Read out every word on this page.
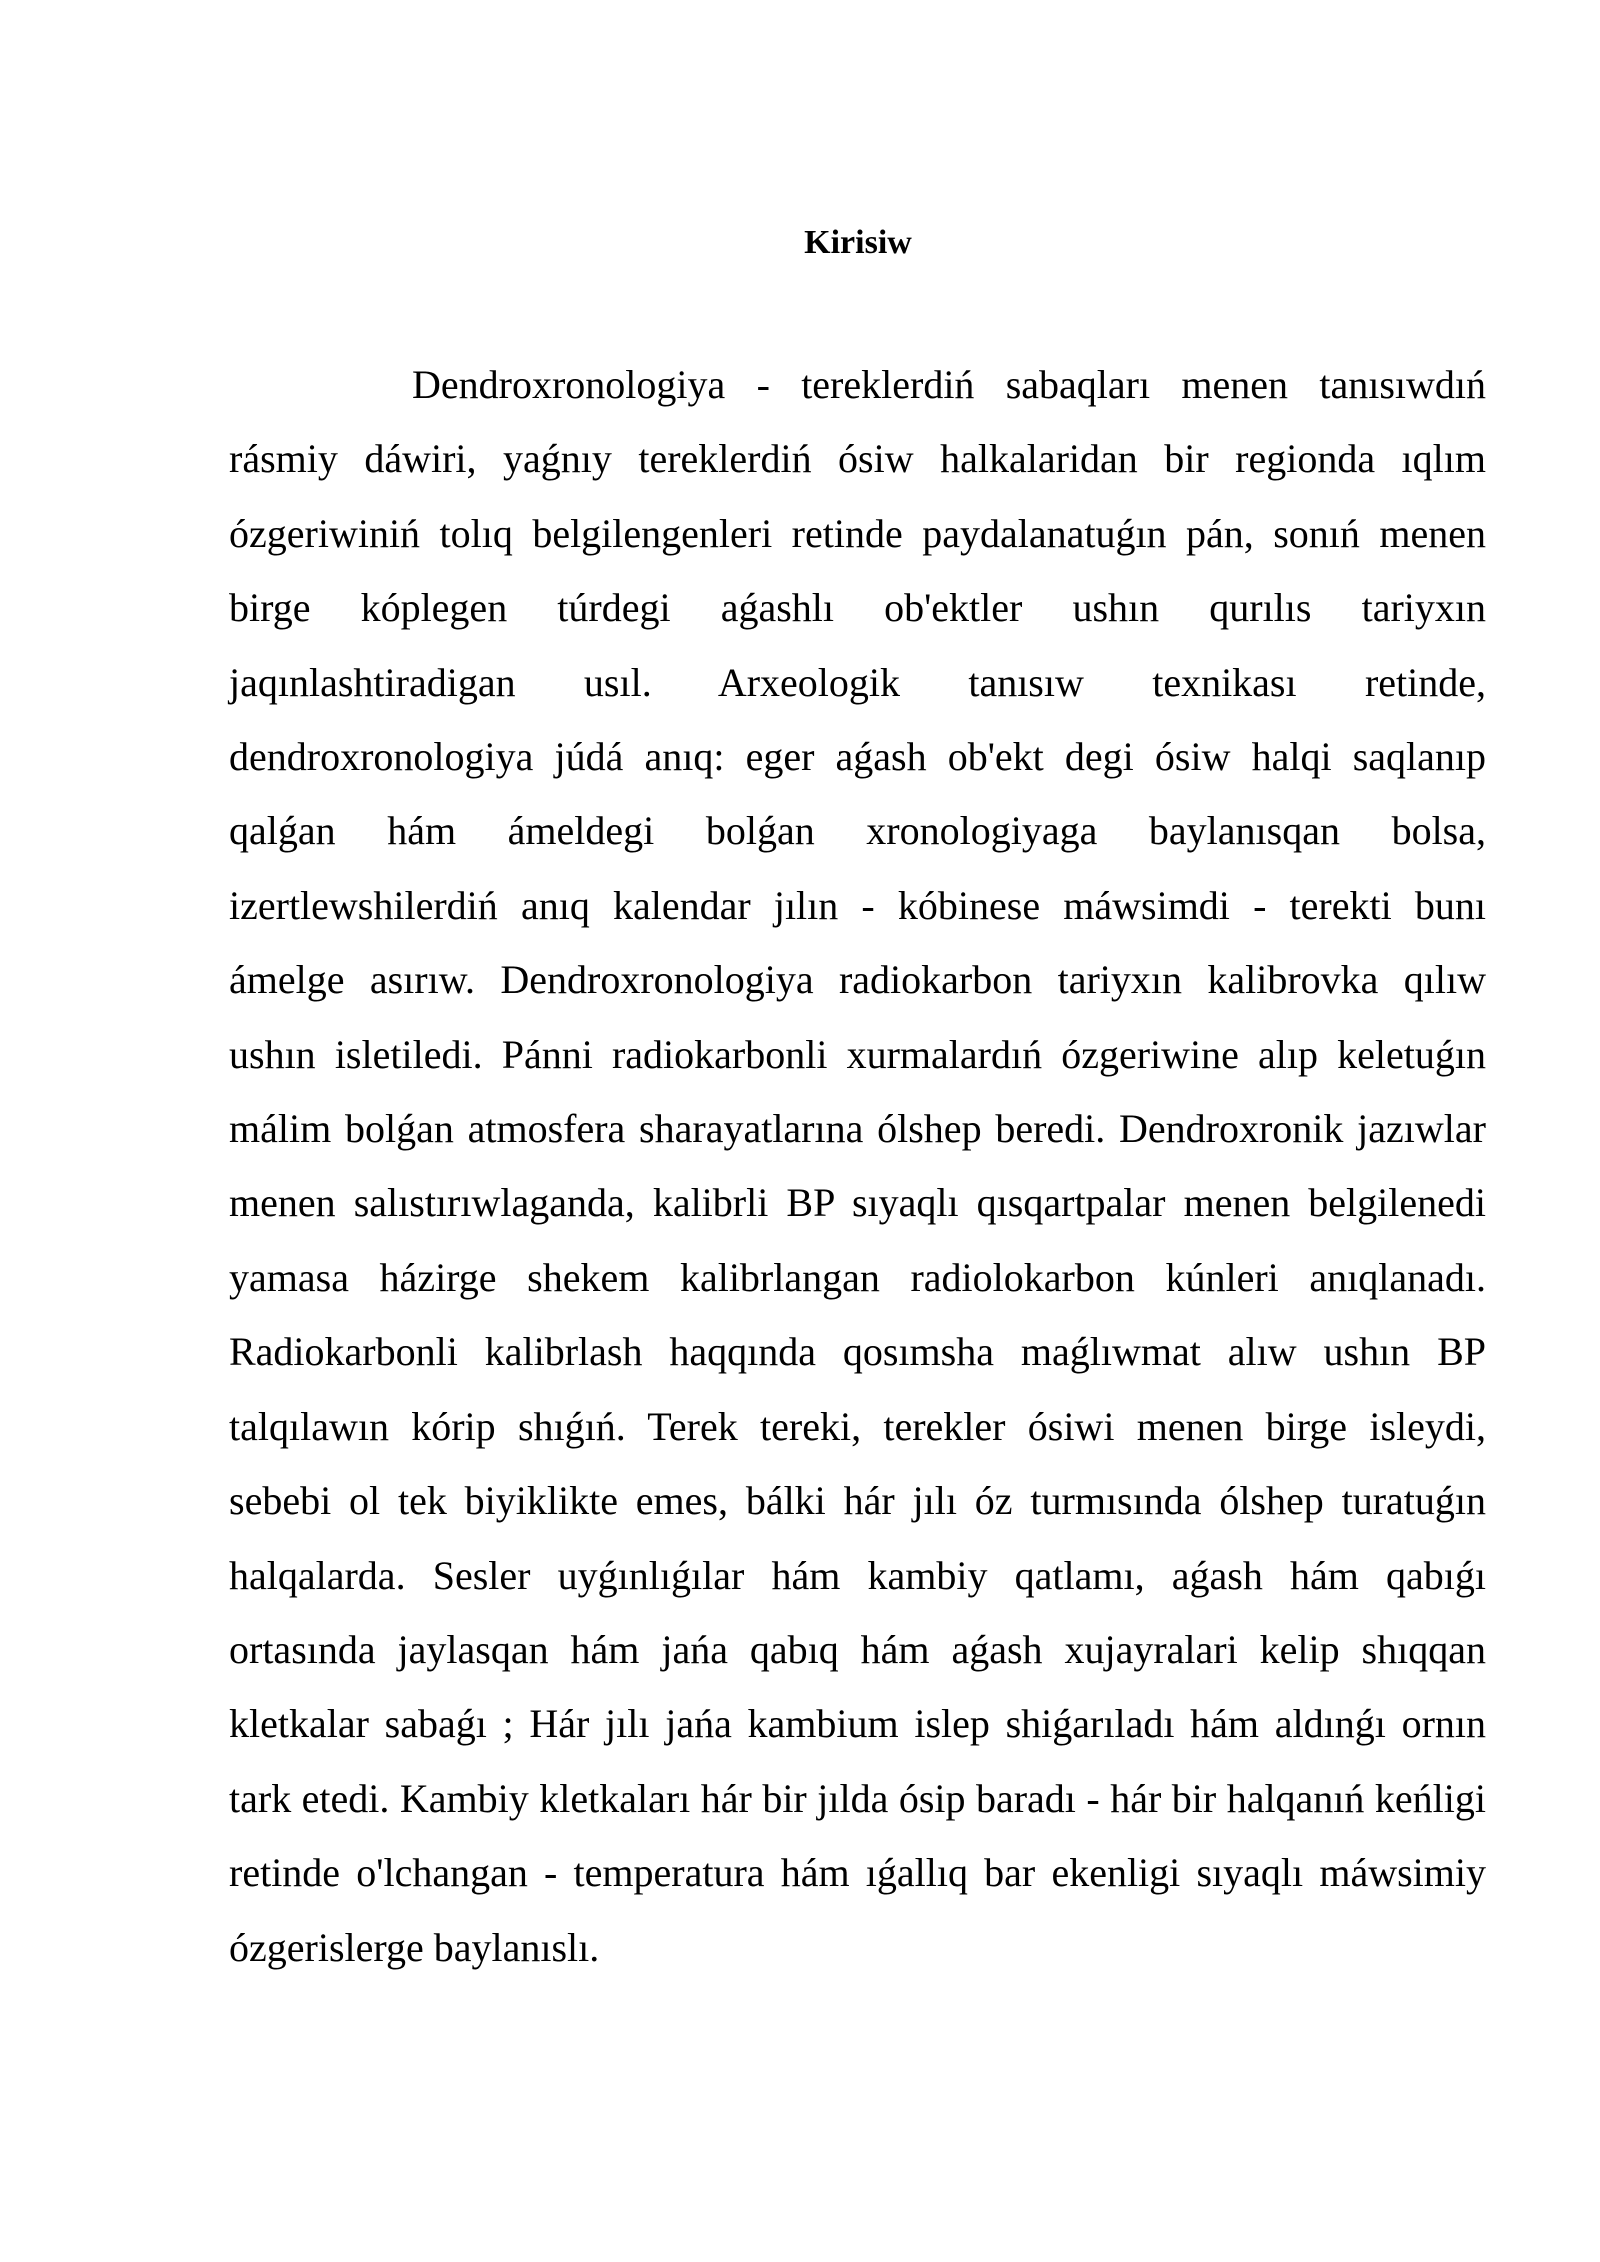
Kirisiw

Dendroxronologiya - tereklerdiń sabaqları menen tanısıwdıń rásmiy dáwiri, yaǵnıy tereklerdiń ósiw halkalaridan bir regionda ıqlım ózgeriwiniń tolıq belgilengenleri retinde paydalanatuǵın pán, sonıń menen birge kóplegen túrdegi aǵashlı ob'ektler ushın qurılıs tariyxın jaqınlashtiradigan usıl. Arxeologik tanısıw texnikası retinde, dendroxronologiya júdá anıq: eger aǵash ob'ekt degi ósiw halqi saqlanıp qalǵan hám ámeldegi bolǵan xronologiyaga baylanısqan bolsa, izertlewshilerdiń anıq kalendar jılın - kóbinese máwsimdi - terekti bunı ámelge asırıw. Dendroxronologiya radiokarbon tariyxın kalibrovka qılıw ushın isletiledi. Pánni radiokarbonli xurmalardıń ózgeriwine alıp keletuǵın málim bolǵan atmosfera sharayatlarına ólshep beredi. Dendroxronik jazıwlar menen salıstırıwlaganda, kalibrli BP sıyaqlı qısqartpalar menen belgilenedi yamasa házirge shekem kalibrlangan radiolokarbon kúnleri anıqlanadı. Radiokarbonli kalibrlash haqqında qosımsha maǵlıwmat alıw ushın BP talqılawın kórip shıǵıń. Terek tereki, terekler ósiwi menen birge isleydi, sebebi ol tek biyiklikte emes, bálki hár jılı óz turmısında ólshep turatuǵın halqalarda. Sesler uyǵınlıǵılar hám kambiy qatlamı, aǵash hám qabıǵı ortasında jaylasqan hám jańa qabıq hám aǵash xujayralari kelip shıqqan kletkalar sabaǵı ; Hár jılı jańa kambium islep shiǵarıladı hám aldınǵı ornın tark etedi. Kambiy kletkaları hár bir jılda ósip baradı - hár bir halqanıń keńligi retinde o'lchangan - temperatura hám ıǵallıq bar ekenligi sıyaqlı máwsimiy ózgerislerge baylanıslı.
